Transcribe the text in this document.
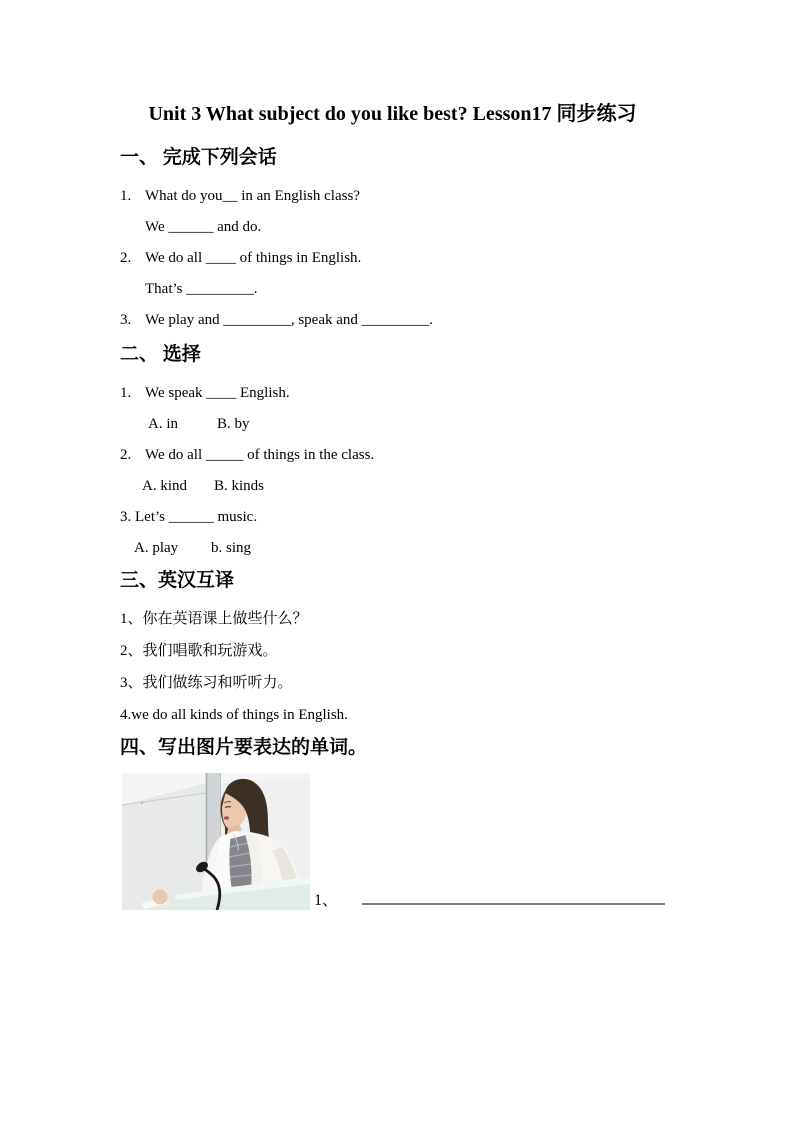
Unit 3 What subject do you like best? Lesson17 同步练习
一、 完成下列会话
1. What do you__ in an English class?
We ______ and do.
2. We do all ____ of things in English.
That’s _________.
3. We play and _________, speak and _________.
二、 选择
1. We speak ____ English.
A. in	B. by
2. We do all _____ of things in the class.
A. kind B. kinds
3. Let’s ______ music.
A. play b. sing
三、英汉互译
1、你在英语课上做些什么？
2、我们唱歌和玩游戏。
3、我们做练习和听听力。
4.we do all kinds of things in English.
四、写出图片要表达的单词。
1、
